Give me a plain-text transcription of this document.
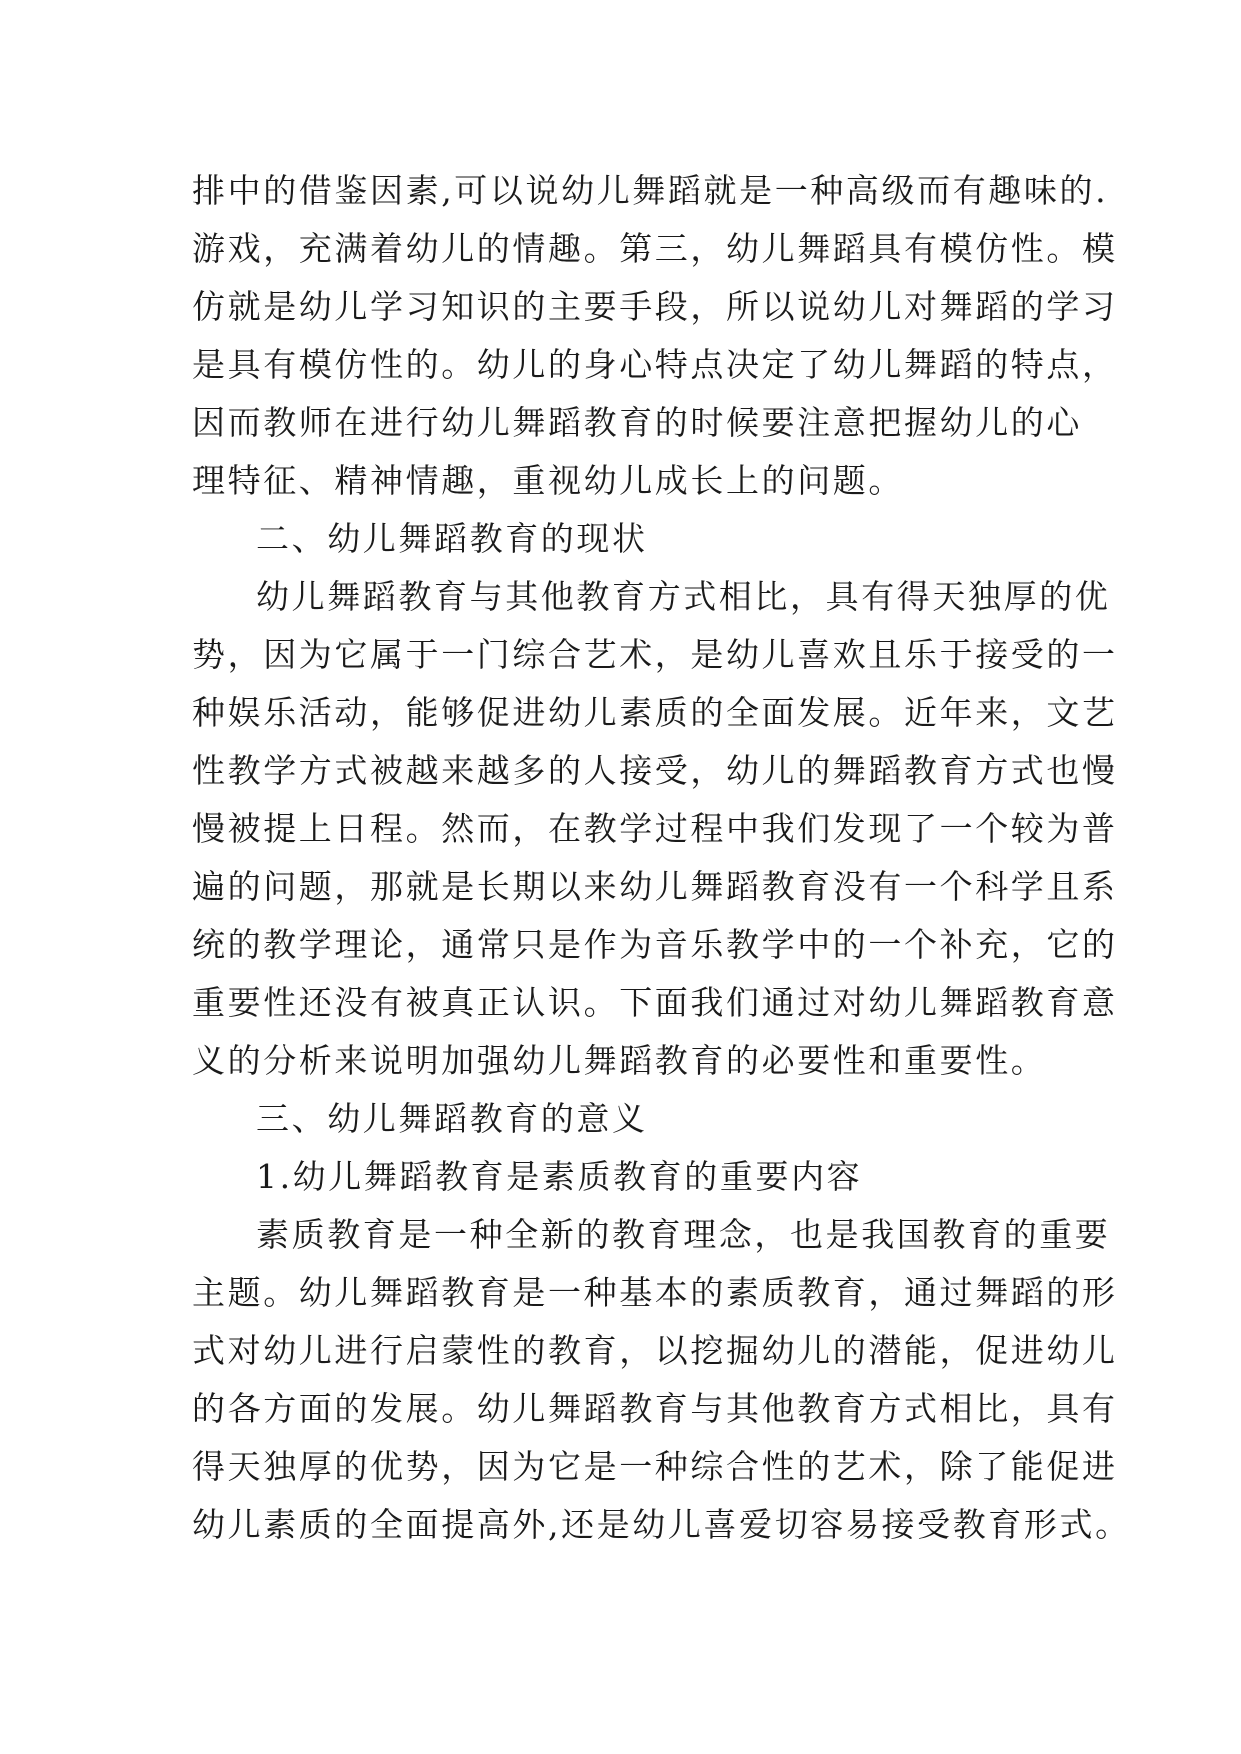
排中的借鉴因素,可以说幼儿舞蹈就是一种高级而有趣味的.
游戏，充满着幼儿的情趣。第三，幼儿舞蹈具有模仿性。模
仿就是幼儿学习知识的主要手段，所以说幼儿对舞蹈的学习
是具有模仿性的。幼儿的身心特点决定了幼儿舞蹈的特点，
因而教师在进行幼儿舞蹈教育的时候要注意把握幼儿的心
理特征、精神情趣，重视幼儿成长上的问题。
二、幼儿舞蹈教育的现状
幼儿舞蹈教育与其他教育方式相比，具有得天独厚的优
势，因为它属于一门综合艺术，是幼儿喜欢且乐于接受的一
种娱乐活动，能够促进幼儿素质的全面发展。近年来，文艺
性教学方式被越来越多的人接受，幼儿的舞蹈教育方式也慢
慢被提上日程。然而，在教学过程中我们发现了一个较为普
遍的问题，那就是长期以来幼儿舞蹈教育没有一个科学且系
统的教学理论，通常只是作为音乐教学中的一个补充，它的
重要性还没有被真正认识。下面我们通过对幼儿舞蹈教育意
义的分析来说明加强幼儿舞蹈教育的必要性和重要性。
三、幼儿舞蹈教育的意义
1.幼儿舞蹈教育是素质教育的重要内容
素质教育是一种全新的教育理念，也是我国教育的重要
主题。幼儿舞蹈教育是一种基本的素质教育，通过舞蹈的形
式对幼儿进行启蒙性的教育，以挖掘幼儿的潜能，促进幼儿
的各方面的发展。幼儿舞蹈教育与其他教育方式相比，具有
得天独厚的优势，因为它是一种综合性的艺术，除了能促进
幼儿素质的全面提高外,还是幼儿喜爱切容易接受教育形式。
